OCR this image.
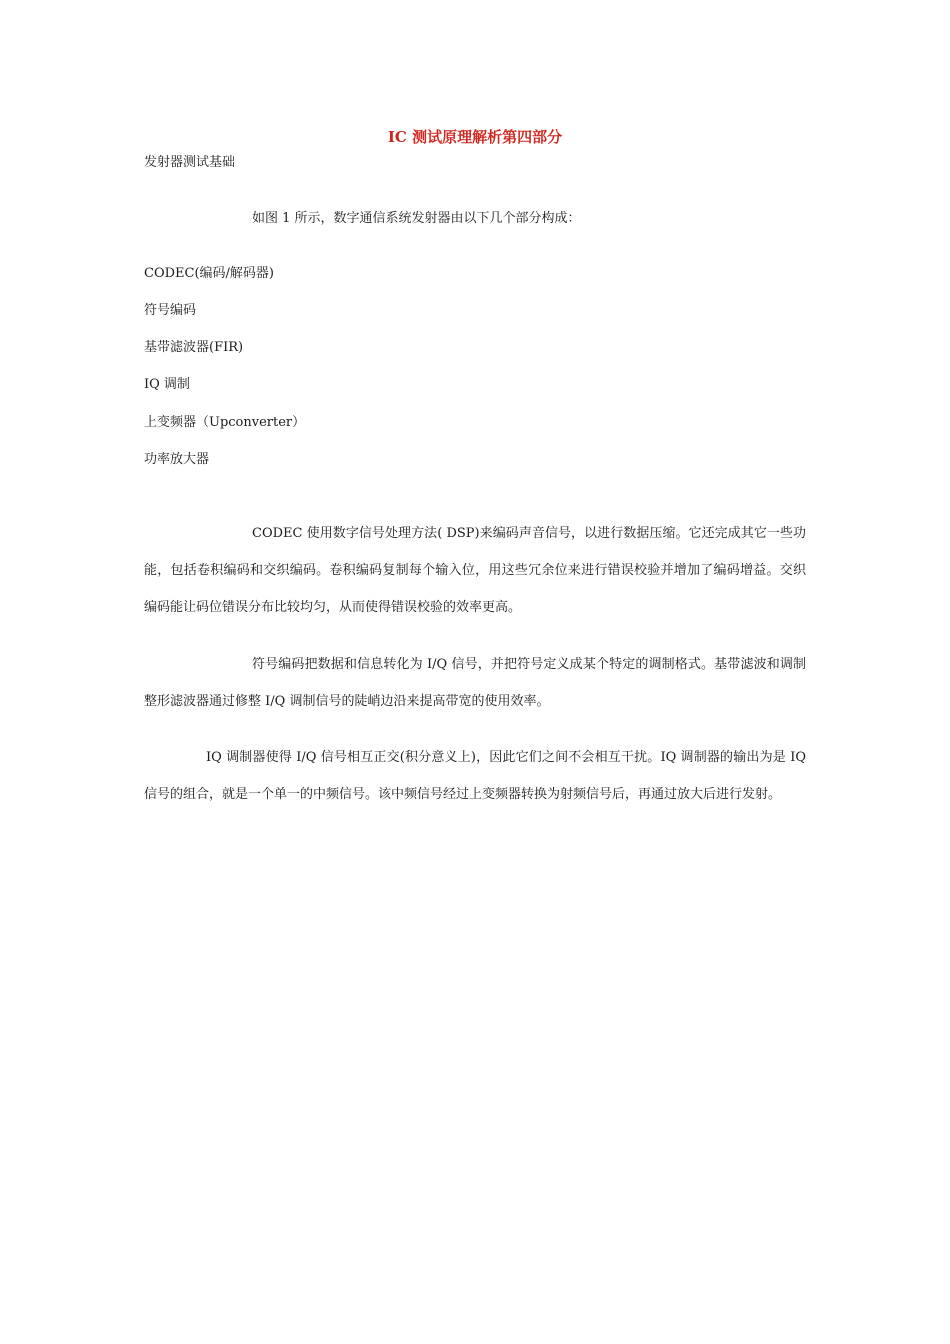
IC 测试原理解析第四部分
发射器测试基础
如图 1 所示，数字通信系统发射器由以下几个部分构成：
CODEC(编码/解码器)
符号编码
基带滤波器(FIR)
IQ 调制
上变频器（Upconverter）
功率放大器
CODEC 使用数字信号处理方法( DSP)来编码声音信号，以进行数据压缩。它还完成其它一些功能，包括卷积编码和交织编码。卷积编码复制每个输入位，用这些冗余位来进行错误校验并增加了编码增益。交织编码能让码位错误分布比较均匀，从而使得错误校验的效率更高。
符号编码把数据和信息转化为 I/Q 信号，并把符号定义成某个特定的调制格式。基带滤波和调制整形滤波器通过修整 I/Q 调制信号的陡峭边沿来提高带宽的使用效率。
IQ 调制器使得 I/Q 信号相互正交(积分意义上)，因此它们之间不会相互干扰。IQ 调制器的输出为是 IQ 信号的组合，就是一个单一的中频信号。该中频信号经过上变频器转换为射频信号后，再通过放大后进行发射。
